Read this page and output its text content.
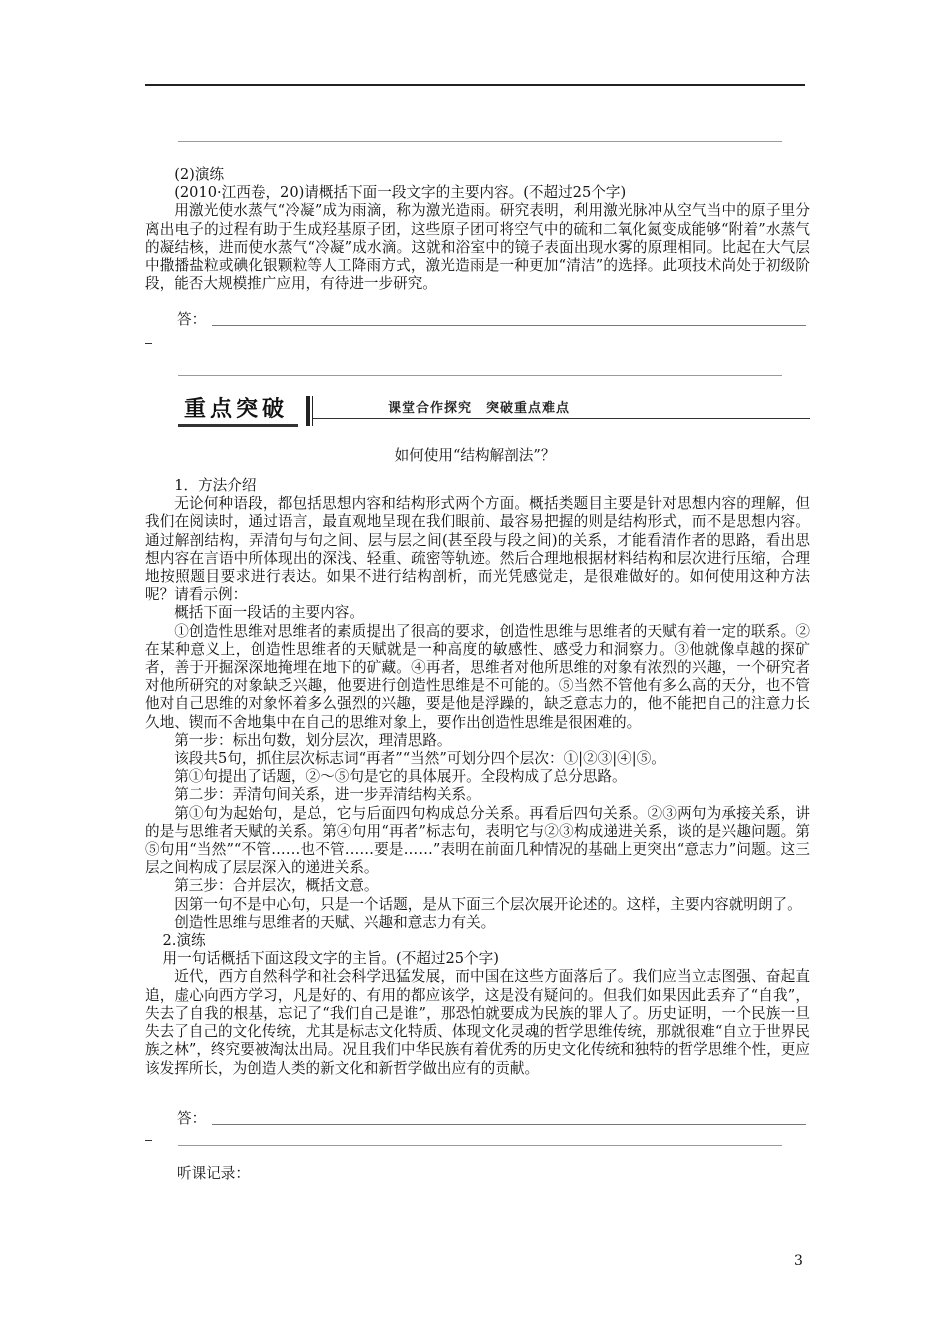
(2)演练

(2010·江西卷，20)请概括下面一段文字的主要内容。(不超过25个字)

用激光使水蒸气“冷凝”成为雨滴，称为激光造雨。研究表明，利用激光脉冲从空气当中的原子里分离出电子的过程有助于生成羟基原子团，这些原子团可将空气中的硫和二氧化氮变成能够“附着”水蒸气的凝结核，进而使水蒸气“冷凝”成水滴。这就和浴室中的镜子表面出现水雾的原理相同。比起在大气层中撒播盐粒或碘化银颗粒等人工降雨方式，激光造雨是一种更加“清洁”的选择。此项技术尚处于初级阶段，能否大规模推广应用，有待进一步研究。

答：
重点突破	课堂合作探究　突破重点难点
如何使用“结构解剖法”？

1．方法介绍

无论何种语段，都包括思想内容和结构形式两个方面。概括类题目主要是针对思想内容的理解，但我们在阅读时，通过语言，最直观地呈现在我们眼前、最容易把握的则是结构形式，而不是思想内容。通过解剖结构，弄清句与句之间、层与层之间(甚至段与段之间)的关系，才能看清作者的思路，看出思想内容在言语中所体现出的深浅、轻重、疏密等轨迹。然后合理地根据材料结构和层次进行压缩，合理地按照题目要求进行表达。如果不进行结构剖析，而光凭感觉走，是很难做好的。如何使用这种方法呢？请看示例：

概括下面一段话的主要内容。

①创造性思维对思维者的素质提出了很高的要求，创造性思维与思维者的天赋有着一定的联系。②在某种意义上，创造性思维者的天赋就是一种高度的敏感性、感受力和洞察力。③他就像卓越的探矿者，善于开掘深深地掩埋在地下的矿藏。④再者，思维者对他所思维的对象有浓烈的兴趣，一个研究者对他所研究的对象缺乏兴趣，他要进行创造性思维是不可能的。⑤当然不管他有多么高的天分，也不管他对自己思维的对象怀着多么强烈的兴趣，要是他是浮躁的，缺乏意志力的，他不能把自己的注意力长久地、锲而不舍地集中在自己的思维对象上，要作出创造性思维是很困难的。

第一步：标出句数，划分层次，理清思路。

该段共5句，抓住层次标志词“再者”“当然”可划分四个层次：①|②③|④|⑤。

第①句提出了话题，②～⑤句是它的具体展开。全段构成了总分思路。

第二步：弄清句间关系，进一步弄清结构关系。

第①句为起始句，是总，它与后面四句构成总分关系。再看后四句关系。②③两句为承接关系，讲的是与思维者天赋的关系。第④句用“再者”标志句，表明它与②③构成递进关系，谈的是兴趣问题。第⑤句用“当然”“不管……也不管……要是……”表明在前面几种情况的基础上更突出“意志力”问题。这三层之间构成了层层深入的递进关系。

第三步：合并层次，概括文意。

因第一句不是中心句，只是一个话题，是从下面三个层次展开论述的。这样，主要内容就明朗了。

创造性思维与思维者的天赋、兴趣和意志力有关。

2.演练

用一句话概括下面这段文字的主旨。(不超过25个字)

近代，西方自然科学和社会科学迅猛发展，而中国在这些方面落后了。我们应当立志图强、奋起直追，虚心向西方学习，凡是好的、有用的都应该学，这是没有疑问的。但我们如果因此丢弃了“自我”，失去了自我的根基，忘记了“我们自己是谁”，那恐怕就要成为民族的罪人了。历史证明，一个民族一旦失去了自己的文化传统，尤其是标志文化特质、体现文化灵魂的哲学思维传统，那就很难“自立于世界民族之林”，终究要被淘汰出局。况且我们中华民族有着优秀的历史文化传统和独特的哲学思维个性，更应该发挥所长，为创造人类的新文化和新哲学做出应有的贡献。

答：
听课记录：
3
